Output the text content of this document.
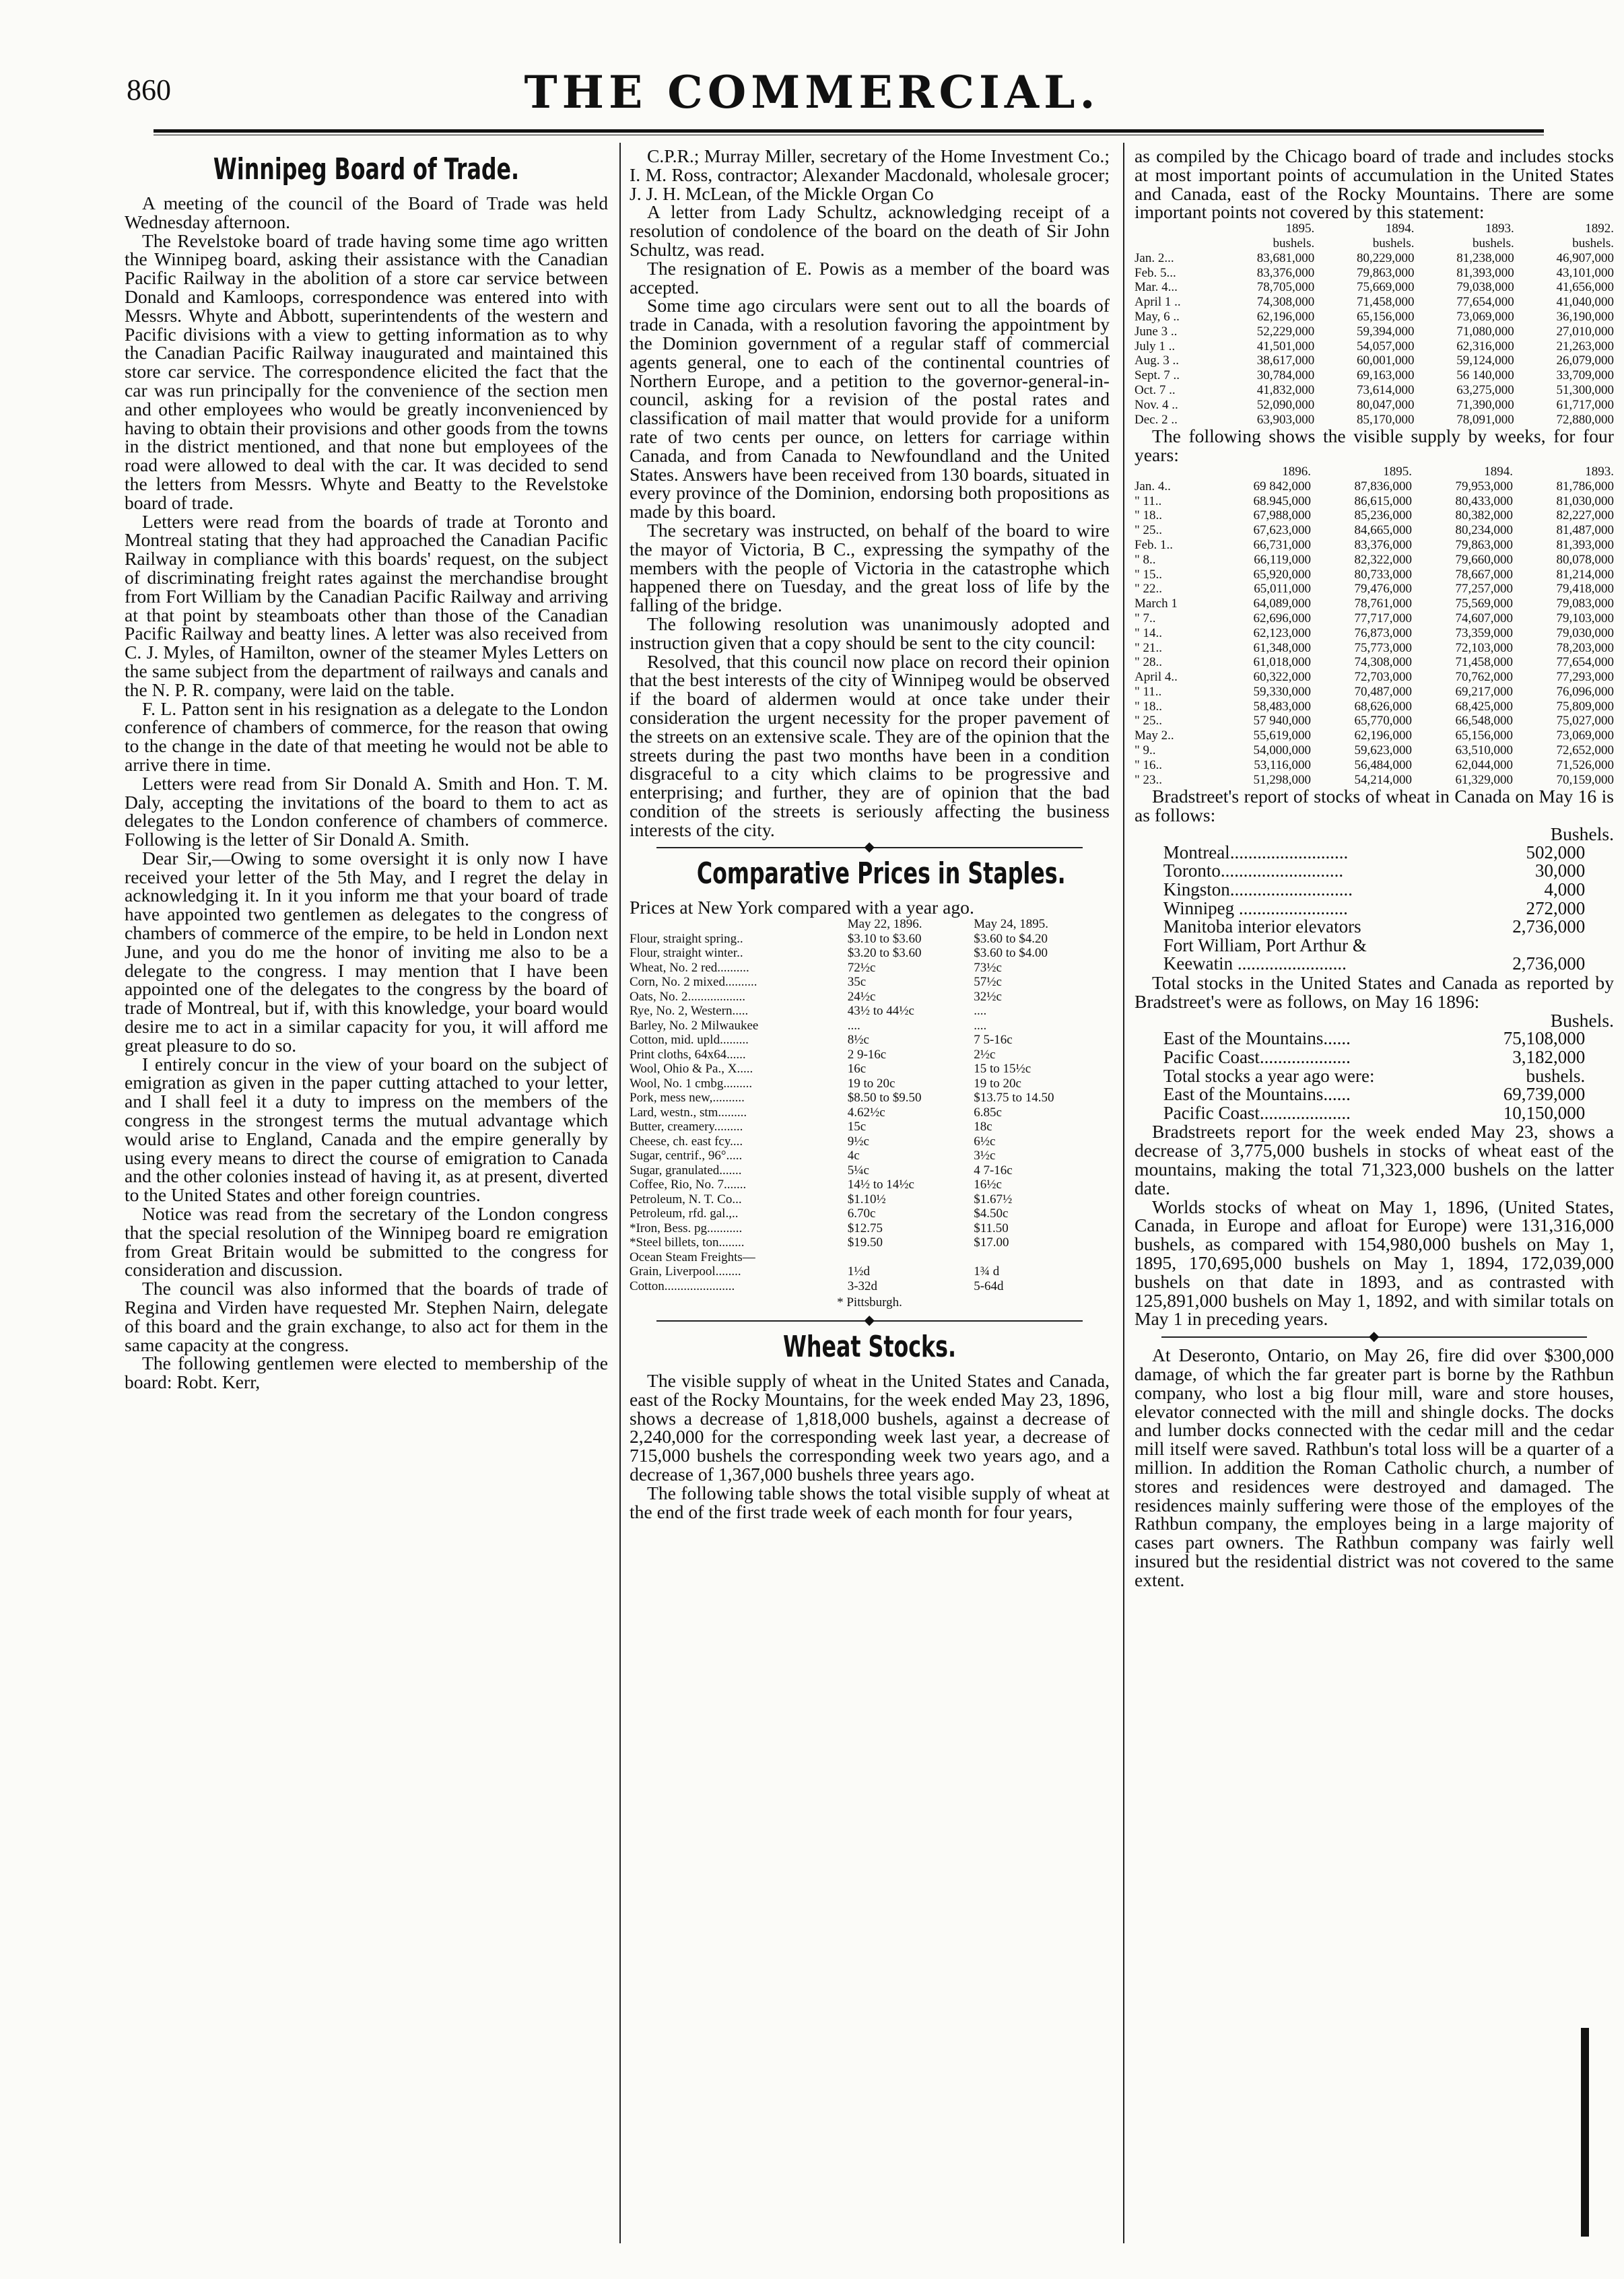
860	THE COMMERCIAL.
Winnipeg Board of Trade.

A meeting of the council of the Board of Trade was held Wednesday afternoon.

The Revelstoke board of trade having some time ago written the Winnipeg board, asking their assistance with the Canadian Pacific Railway in the abolition of a store car service between Donald and Kamloops, correspondence was entered into with Messrs. Whyte and Abbott, superintendents of the western and Pacific divisions with a view to getting information as to why the Canadian Pacific Railway inaugurated and maintained this store car service. The correspondence elicited the fact that the car was run principally for the convenience of the section men and other employees who would be greatly inconvenienced by having to obtain their provisions and other goods from the towns in the district mentioned, and that none but employees of the road were allowed to deal with the car. It was decided to send the letters from Messrs. Whyte and Beatty to the Revelstoke board of trade.

Letters were read from the boards of trade at Toronto and Montreal stating that they had approached the Canadian Pacific Railway in compliance with this boards' request, on the subject of discriminating freight rates against the merchandise brought from Fort William by the Canadian Pacific Railway and arriving at that point by steamboats other than those of the Canadian Pacific Railway and beatty lines. A letter was also received from C. J. Myles, of Hamilton, owner of the steamer Myles Letters on the same subject from the department of railways and canals and the N. P. R. company, were laid on the table.

F. L. Patton sent in his resignation as a delegate to the London conference of chambers of commerce, for the reason that owing to the change in the date of that meeting he would not be able to arrive there in time.

Letters were read from Sir Donald A. Smith and Hon. T. M. Daly, accepting the invitations of the board to them to act as delegates to the London conference of chambers of commerce. Following is the letter of Sir Donald A. Smith.

Dear Sir,—Owing to some oversight it is only now I have received your letter of the 5th May, and I regret the delay in acknowledging it. In it you inform me that your board of trade have appointed two gentlemen as delegates to the congress of chambers of commerce of the empire, to be held in London next June, and you do me the honor of inviting me also to be a delegate to the congress. I may mention that I have been appointed one of the delegates to the congress by the board of trade of Montreal, but if, with this knowledge, your board would desire me to act in a similar capacity for you, it will afford me great pleasure to do so.

I entirely concur in the view of your board on the subject of emigration as given in the paper cutting attached to your letter, and I shall feel it a duty to impress on the members of the congress in the strongest terms the mutual advantage which would arise to England, Canada and the empire generally by using every means to direct the course of emigration to Canada and the other colonies instead of having it, as at present, diverted to the United States and other foreign countries.

Notice was read from the secretary of the London congress that the special resolution of the Winnipeg board re emigration from Great Britain would be submitted to the congress for consideration and discussion.

The council was also informed that the boards of trade of Regina and Virden have requested Mr. Stephen Nairn, delegate of this board and the grain exchange, to also act for them in the same capacity at the congress.

The following gentlemen were elected to membership of the board: Robt. Kerr,

C.P.R.; Murray Miller, secretary of the Home Investment Co.; I. M. Ross, contractor; Alexander Macdonald, wholesale grocer; J. J. H. McLean, of the Mickle Organ Co

A letter from Lady Schultz, acknowledging receipt of a resolution of condolence of the board on the death of Sir John Schultz, was read.

The resignation of E. Powis as a member of the board was accepted.

Some time ago circulars were sent out to all the boards of trade in Canada, with a resolution favoring the appointment by the Dominion government of a regular staff of commercial agents general, one to each of the continental countries of Northern Europe, and a petition to the governor-general-in-council, asking for a revision of the postal rates and classification of mail matter that would provide for a uniform rate of two cents per ounce, on letters for carriage within Canada, and from Canada to Newfoundland and the United States. Answers have been received from 130 boards, situated in every province of the Dominion, endorsing both propositions as made by this board.

The secretary was instructed, on behalf of the board to wire the mayor of Victoria, B C., expressing the sympathy of the members with the people of Victoria in the catastrophe which happened there on Tuesday, and the great loss of life by the falling of the bridge.

The following resolution was unanimously adopted and instruction given that a copy should be sent to the city council:

Resolved, that this council now place on record their opinion that the best interests of the city of Winnipeg would be observed if the board of aldermen would at once take under their consideration the urgent necessity for the proper pavement of the streets on an extensive scale. They are of the opinion that the streets during the past two months have been in a condition disgraceful to a city which claims to be progressive and enterprising; and further, they are of opinion that the bad condition of the streets is seriously affecting the business interests of the city.

◆
Comparative Prices in Staples.

Prices at New York compared with a year ago.

	May 22, 1896.	May 24, 1895.
Flour, straight spring..	$3.10 to $3.60	$3.60 to $4.20
Flour, straight winter..	$3.20 to $3.60	$3.60 to $4.00
Wheat, No. 2 red..........	72½c	73½c
Corn, No. 2 mixed..........	35c	57½c
Oats, No. 2..................	24½c	32½c
Rye, No. 2, Western.....	43½ to 44½c	....
Barley, No. 2 Milwaukee	....	....
Cotton, mid. upld.........	8½c	7 5-16c
Print cloths, 64x64......	2 9-16c	2½c
Wool, Ohio & Pa., X.....	16c	15 to 15½c
Wool, No. 1 cmbg.........	19 to 20c	19 to 20c
Pork, mess new,..........	$8.50 to $9.50	$13.75 to 14.50
Lard, westn., stm.........	4.62½c	6.85c
Butter, creamery.........	15c	18c
Cheese, ch. east fcy....	9½c	6½c
Sugar, centrif., 96°.....	4c	3½c
Sugar, granulated.......	5¼c	4 7-16c
Coffee, Rio, No. 7.......	14½ to 14½c	16½c
Petroleum, N. T. Co...	$1.10½	$1.67½
Petroleum, rfd. gal.,..	6.70c	$4.50c
*Iron, Bess. pg...........	$12.75	$11.50
*Steel billets, ton........	$19.50	$17.00
Ocean Steam Freights—		
Grain, Liverpool........	1½d	1¾ d
Cotton......................	3-32d	5-64d
* Pittsburgh.
◆
Wheat Stocks.

The visible supply of wheat in the United States and Canada, east of the Rocky Mountains, for the week ended May 23, 1896, shows a decrease of 1,818,000 bushels, against a decrease of 2,240,000 for the corresponding week last year, a decrease of 715,000 bushels the corresponding week two years ago, and a decrease of 1,367,000 bushels three years ago.

The following table shows the total visible supply of wheat at the end of the first trade week of each month for four years,

as compiled by the Chicago board of trade and includes stocks at most important points of accumulation in the United States and Canada, east of the Rocky Mountains. There are some important points not covered by this statement:

	1895.	1894.	1893.	1892.
	bushels.	bushels.	bushels.	bushels.
Jan. 2...	83,681,000	80,229,000	81,238,000	46,907,000
Feb. 5...	83,376,000	79,863,000	81,393,000	43,101,000
Mar. 4...	78,705,000	75,669,000	79,038,000	41,656,000
April 1 ..	74,308,000	71,458,000	77,654,000	41,040,000
May, 6 ..	62,196,000	65,156,000	73,069,000	36,190,000
June 3 ..	52,229,000	59,394,000	71,080,000	27,010,000
July 1 ..	41,501,000	54,057,000	62,316,000	21,263,000
Aug. 3 ..	38,617,000	60,001,000	59,124,000	26,079,000
Sept. 7 ..	30,784,000	69,163,000	56 140,000	33,709,000
Oct. 7 ..	41,832,000	73,614,000	63,275,000	51,300,000
Nov. 4 ..	52,090,000	80,047,000	71,390,000	61,717,000
Dec. 2 ..	63,903,000	85,170,000	78,091,000	72,880,000

The following shows the visible supply by weeks, for four years:

	1896.	1895.	1894.	1893.
Jan. 4..	69 842,000	87,836,000	79,953,000	81,786,000
" 11..	68.945,000	86,615,000	80,433,000	81,030,000
" 18..	67,988,000	85,236,000	80,382,000	82,227,000
" 25..	67,623,000	84,665,000	80,234,000	81,487,000
Feb. 1..	66,731,000	83,376,000	79,863,000	81,393,000
" 8..	66,119,000	82,322,000	79,660,000	80,078,000
" 15..	65,920,000	80,733,000	78,667,000	81,214,000
" 22..	65,011,000	79,476,000	77,257,000	79,418,000
March 1	64,089,000	78,761,000	75,569,000	79,083,000
" 7..	62,696,000	77,717,000	74,607,000	79,103,000
" 14..	62,123,000	76,873,000	73,359,000	79,030,000
" 21..	61,348,000	75,773,000	72,103,000	78,203,000
" 28..	61,018,000	74,308,000	71,458,000	77,654,000
April 4..	60,322,000	72,703,000	70,762,000	77,293,000
" 11..	59,330,000	70,487,000	69,217,000	76,096,000
" 18..	58,483,000	68,626,000	68,425,000	75,809,000
" 25..	57 940,000	65,770,000	66,548,000	75,027,000
May 2..	55,619,000	62,196,000	65,156,000	73,069,000
" 9..	54,000,000	59,623,000	63,510,000	72,652,000
" 16..	53,116,000	56,484,000	62,044,000	71,526,000
" 23..	51,298,000	54,214,000	61,329,000	70,159,000

Bradstreet's report of stocks of wheat in Canada on May 16 is as follows:

Bushels.
Montreal..........................	502,000
Toronto...........................	30,000
Kingston...........................	4,000
Winnipeg ........................	272,000
Manitoba interior elevators	2,736,000
Fort William, Port Arthur &	
Keewatin ........................	2,736,000

Total stocks in the United States and Canada as reported by Bradstreet's were as follows, on May 16 1896:

Bushels.
East of the Mountains......	75,108,000
Pacific Coast....................	3,182,000
Total stocks a year ago were:	bushels.
East of the Mountains......	69,739,000
Pacific Coast....................	10,150,000

Bradstreets report for the week ended May 23, shows a decrease of 3,775,000 bushels in stocks of wheat east of the mountains, making the total 71,323,000 bushels on the latter date.

Worlds stocks of wheat on May 1, 1896, (United States, Canada, in Europe and afloat for Europe) were 131,316,000 bushels, as compared with 154,980,000 bushels on May 1, 1895, 170,695,000 bushels on May 1, 1894, 172,039,000 bushels on that date in 1893, and as contrasted with 125,891,000 bushels on May 1, 1892, and with similar totals on May 1 in preceding years.

◆

At Deseronto, Ontario, on May 26, fire did over $300,000 damage, of which the far greater part is borne by the Rathbun company, who lost a big flour mill, ware and store houses, elevator connected with the mill and shingle docks. The docks and lumber docks connected with the cedar mill and the cedar mill itself were saved. Rathbun's total loss will be a quarter of a million. In addition the Roman Catholic church, a number of stores and residences were destroyed and damaged. The residences mainly suffering were those of the employes of the Rathbun company, the employes being in a large majority of cases part owners. The Rathbun company was fairly well insured but the residential district was not covered to the same extent.
